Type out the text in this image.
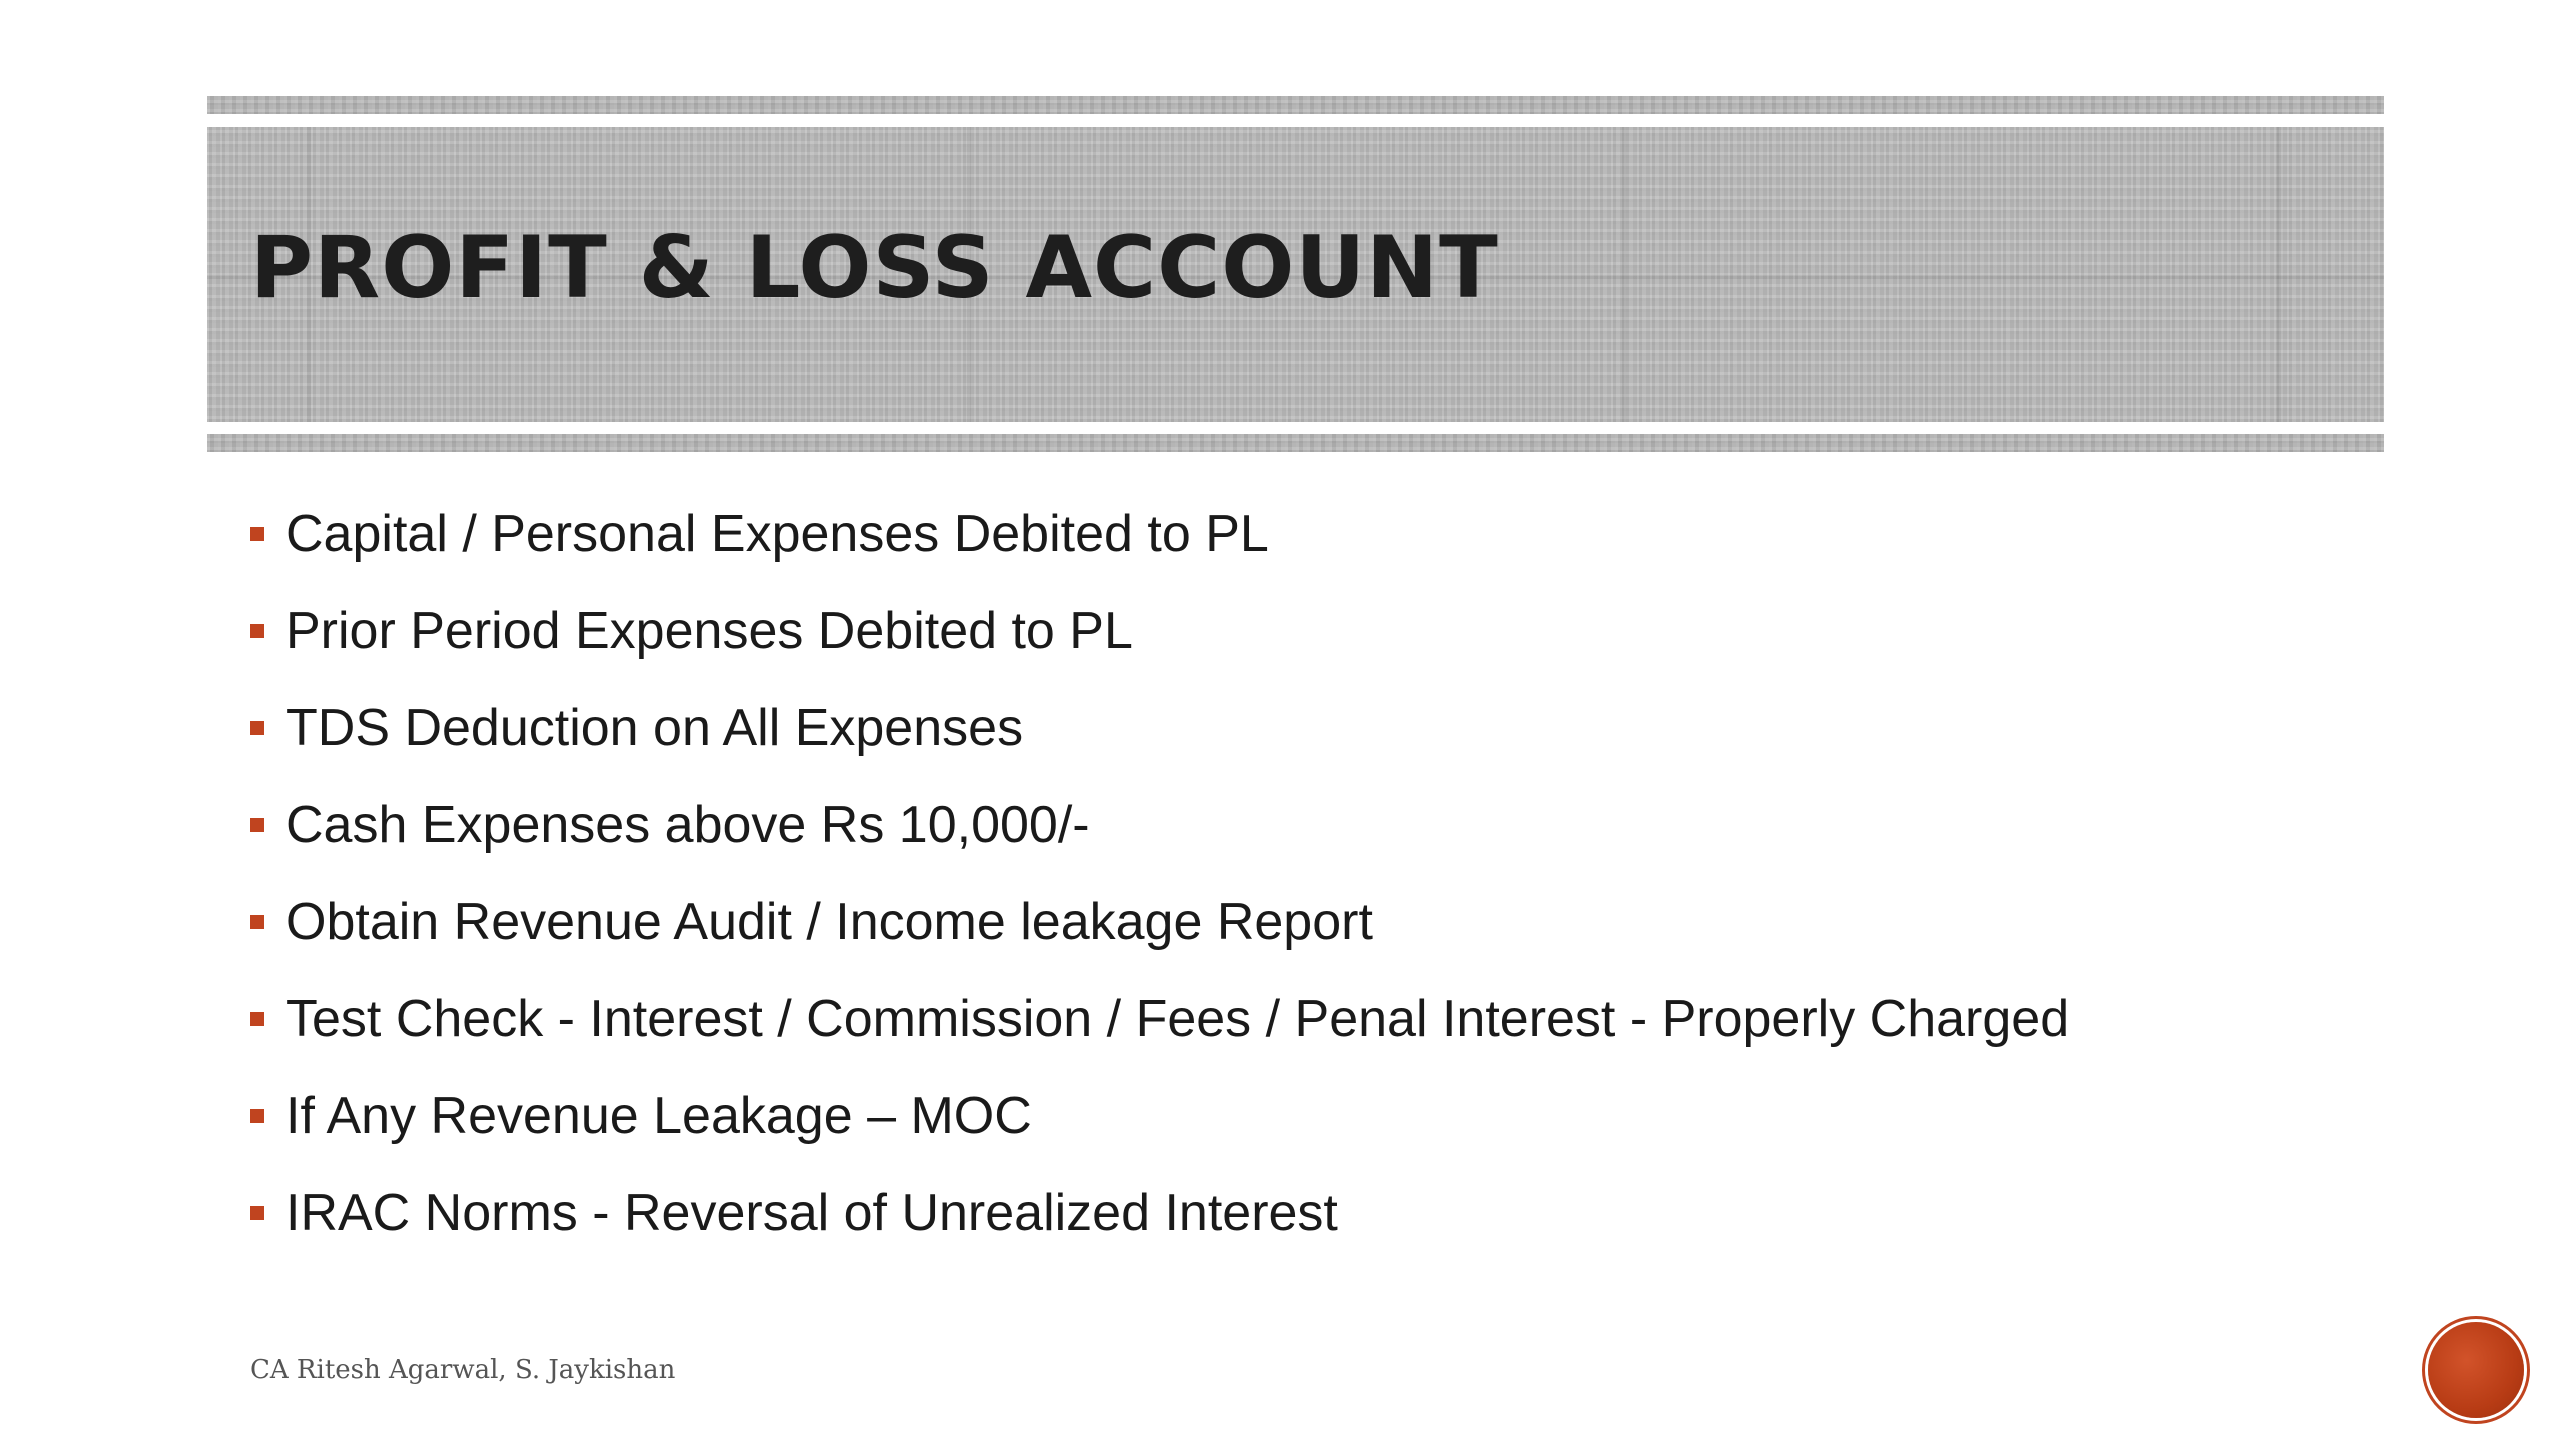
PROFIT & LOSS ACCOUNT
Capital / Personal Expenses Debited to PL
Prior Period Expenses Debited to PL
TDS Deduction on All Expenses
Cash Expenses above Rs 10,000/-
Obtain Revenue Audit / Income leakage Report
Test Check - Interest / Commission / Fees / Penal Interest - Properly Charged
If Any Revenue Leakage – MOC
IRAC Norms - Reversal of Unrealized Interest
CA Ritesh Agarwal, S. Jaykishan
